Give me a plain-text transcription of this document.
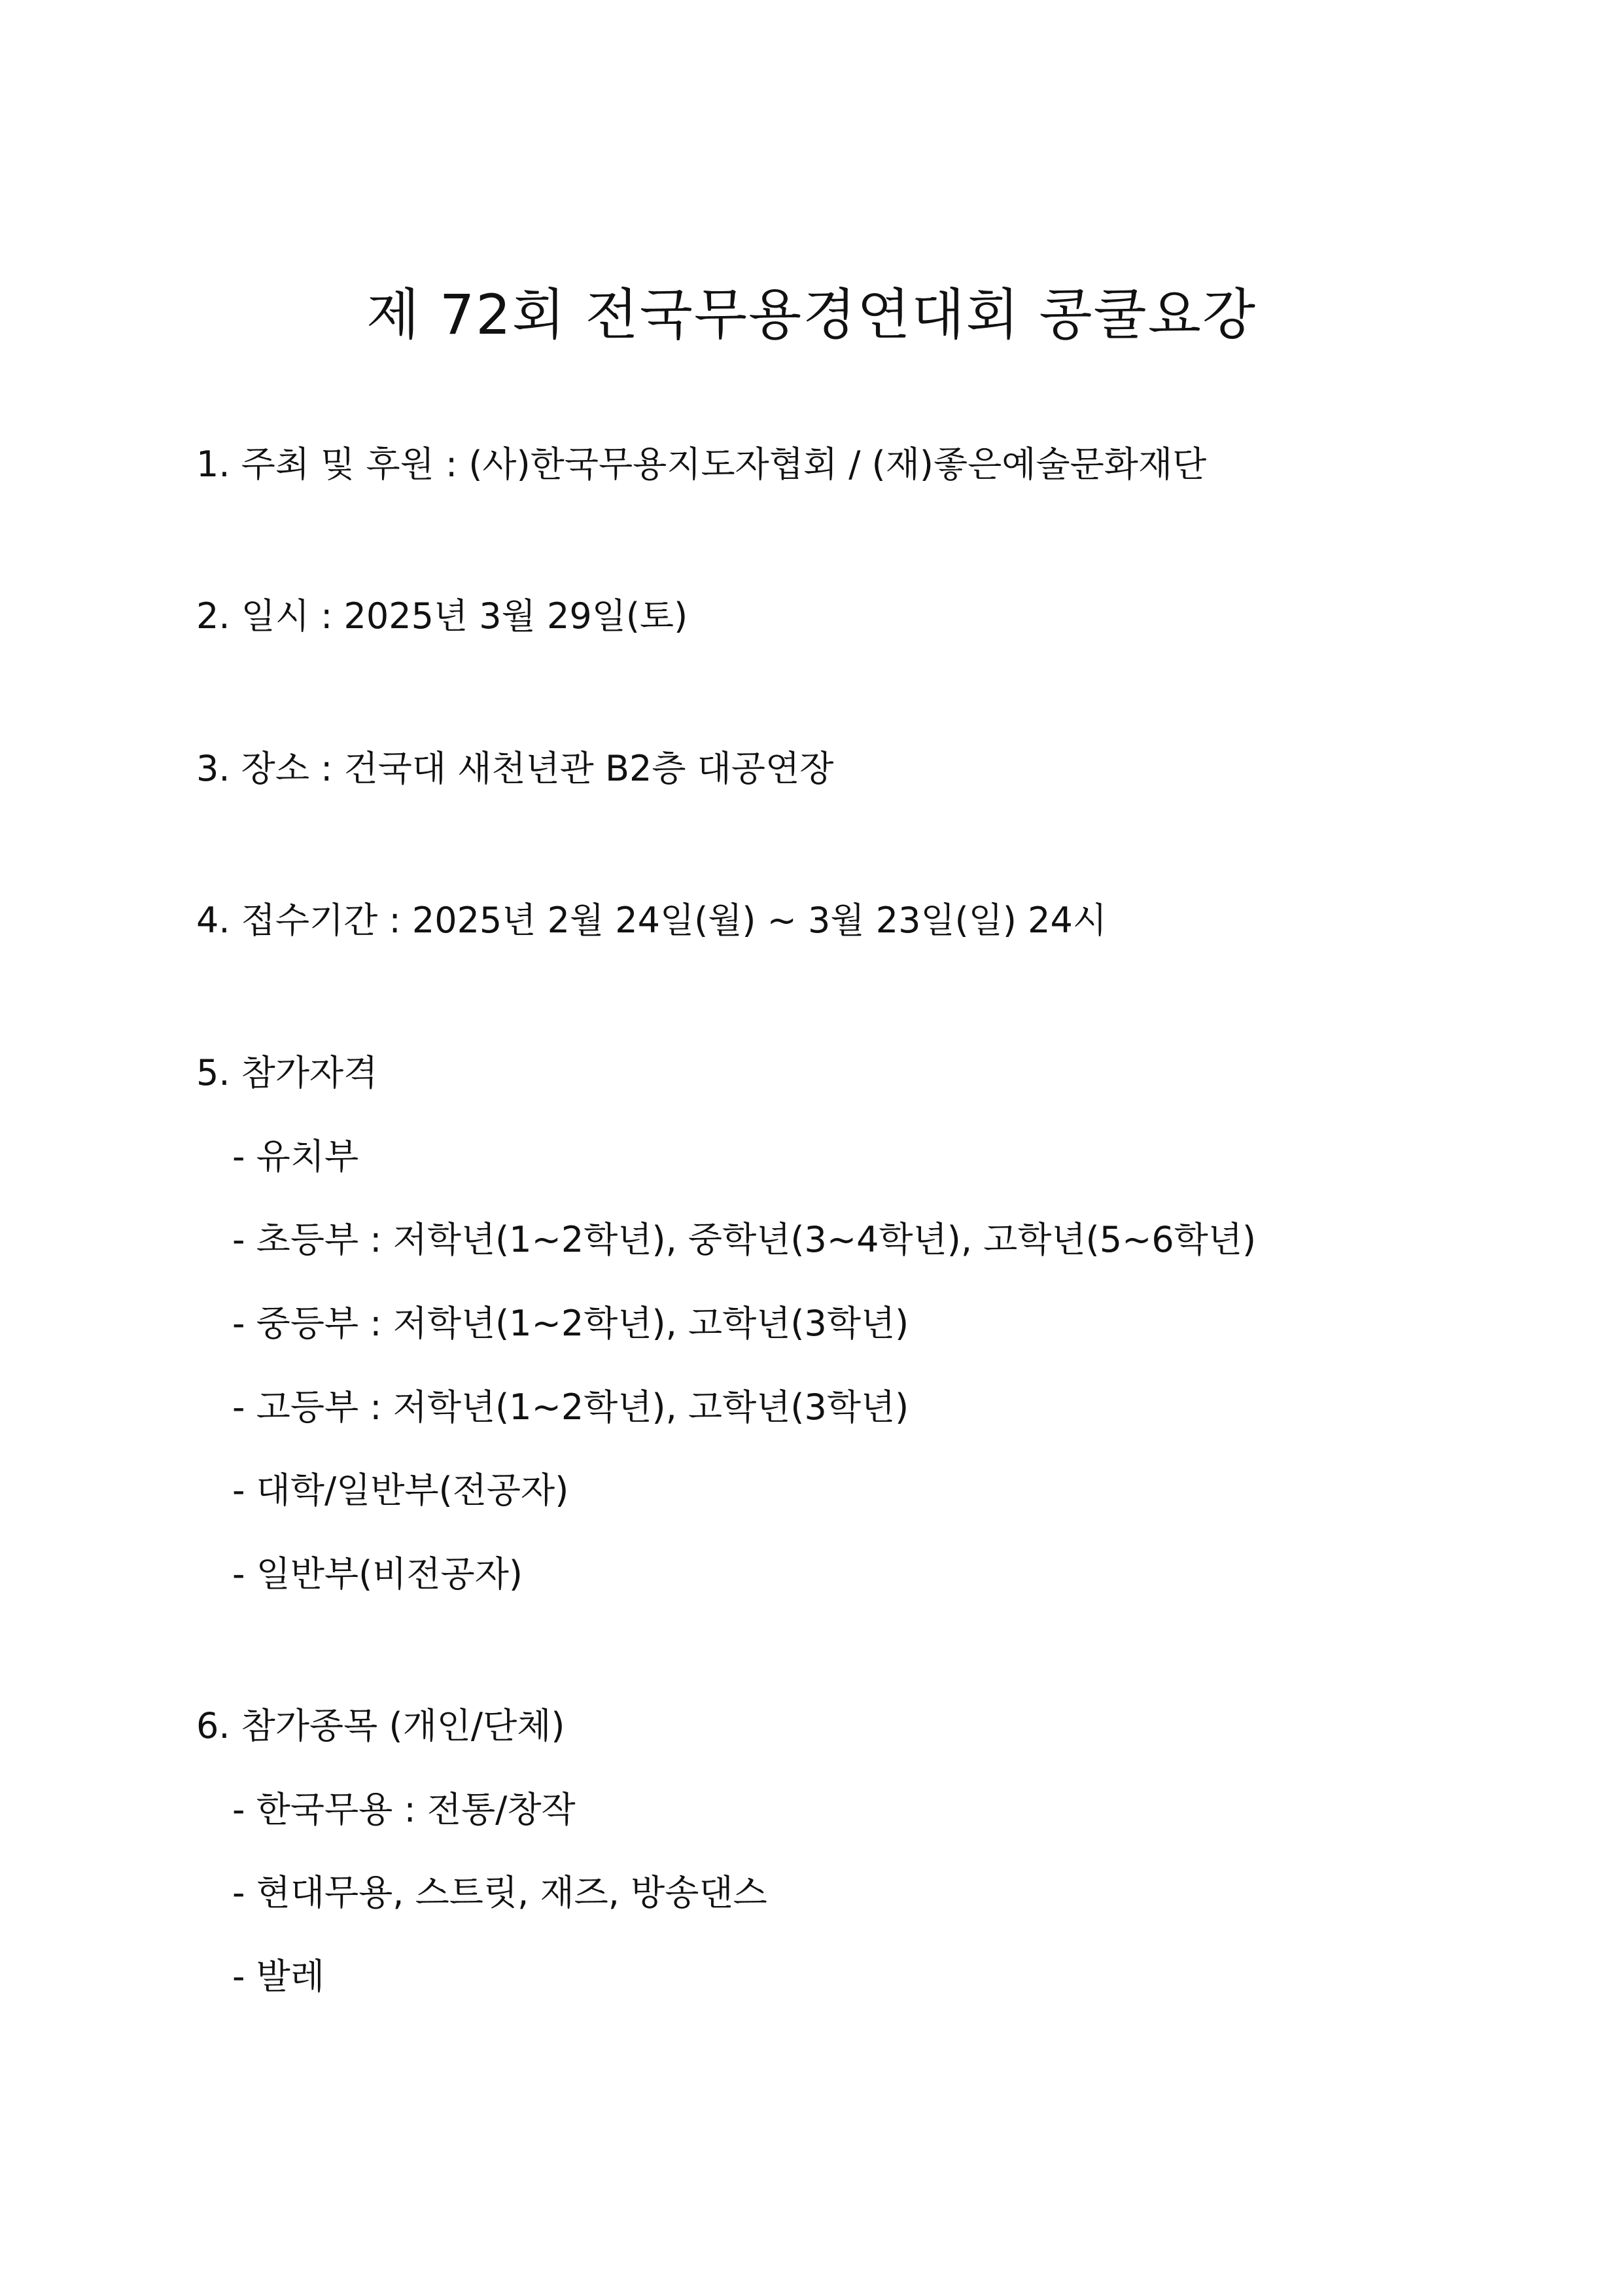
제 72회 전국무용경연대회 콩쿨요강

1. 주최 및 후원 : (사)한국무용지도자협회 / (재)좋은예술문화재단

2. 일시 : 2025년 3월 29일(토)

3. 장소 : 건국대 새천년관 B2층 대공연장

4. 접수기간 : 2025년 2월 24일(월) ~ 3월 23일(일) 24시

5. 참가자격

- 유치부

- 초등부 : 저학년(1~2학년), 중학년(3~4학년), 고학년(5~6학년)

- 중등부 : 저학년(1~2학년), 고학년(3학년)

- 고등부 : 저학년(1~2학년), 고학년(3학년)

- 대학/일반부(전공자)

- 일반부(비전공자)

6. 참가종목 (개인/단체)

- 한국무용 : 전통/창작

- 현대무용, 스트릿, 재즈, 방송댄스

- 발레
